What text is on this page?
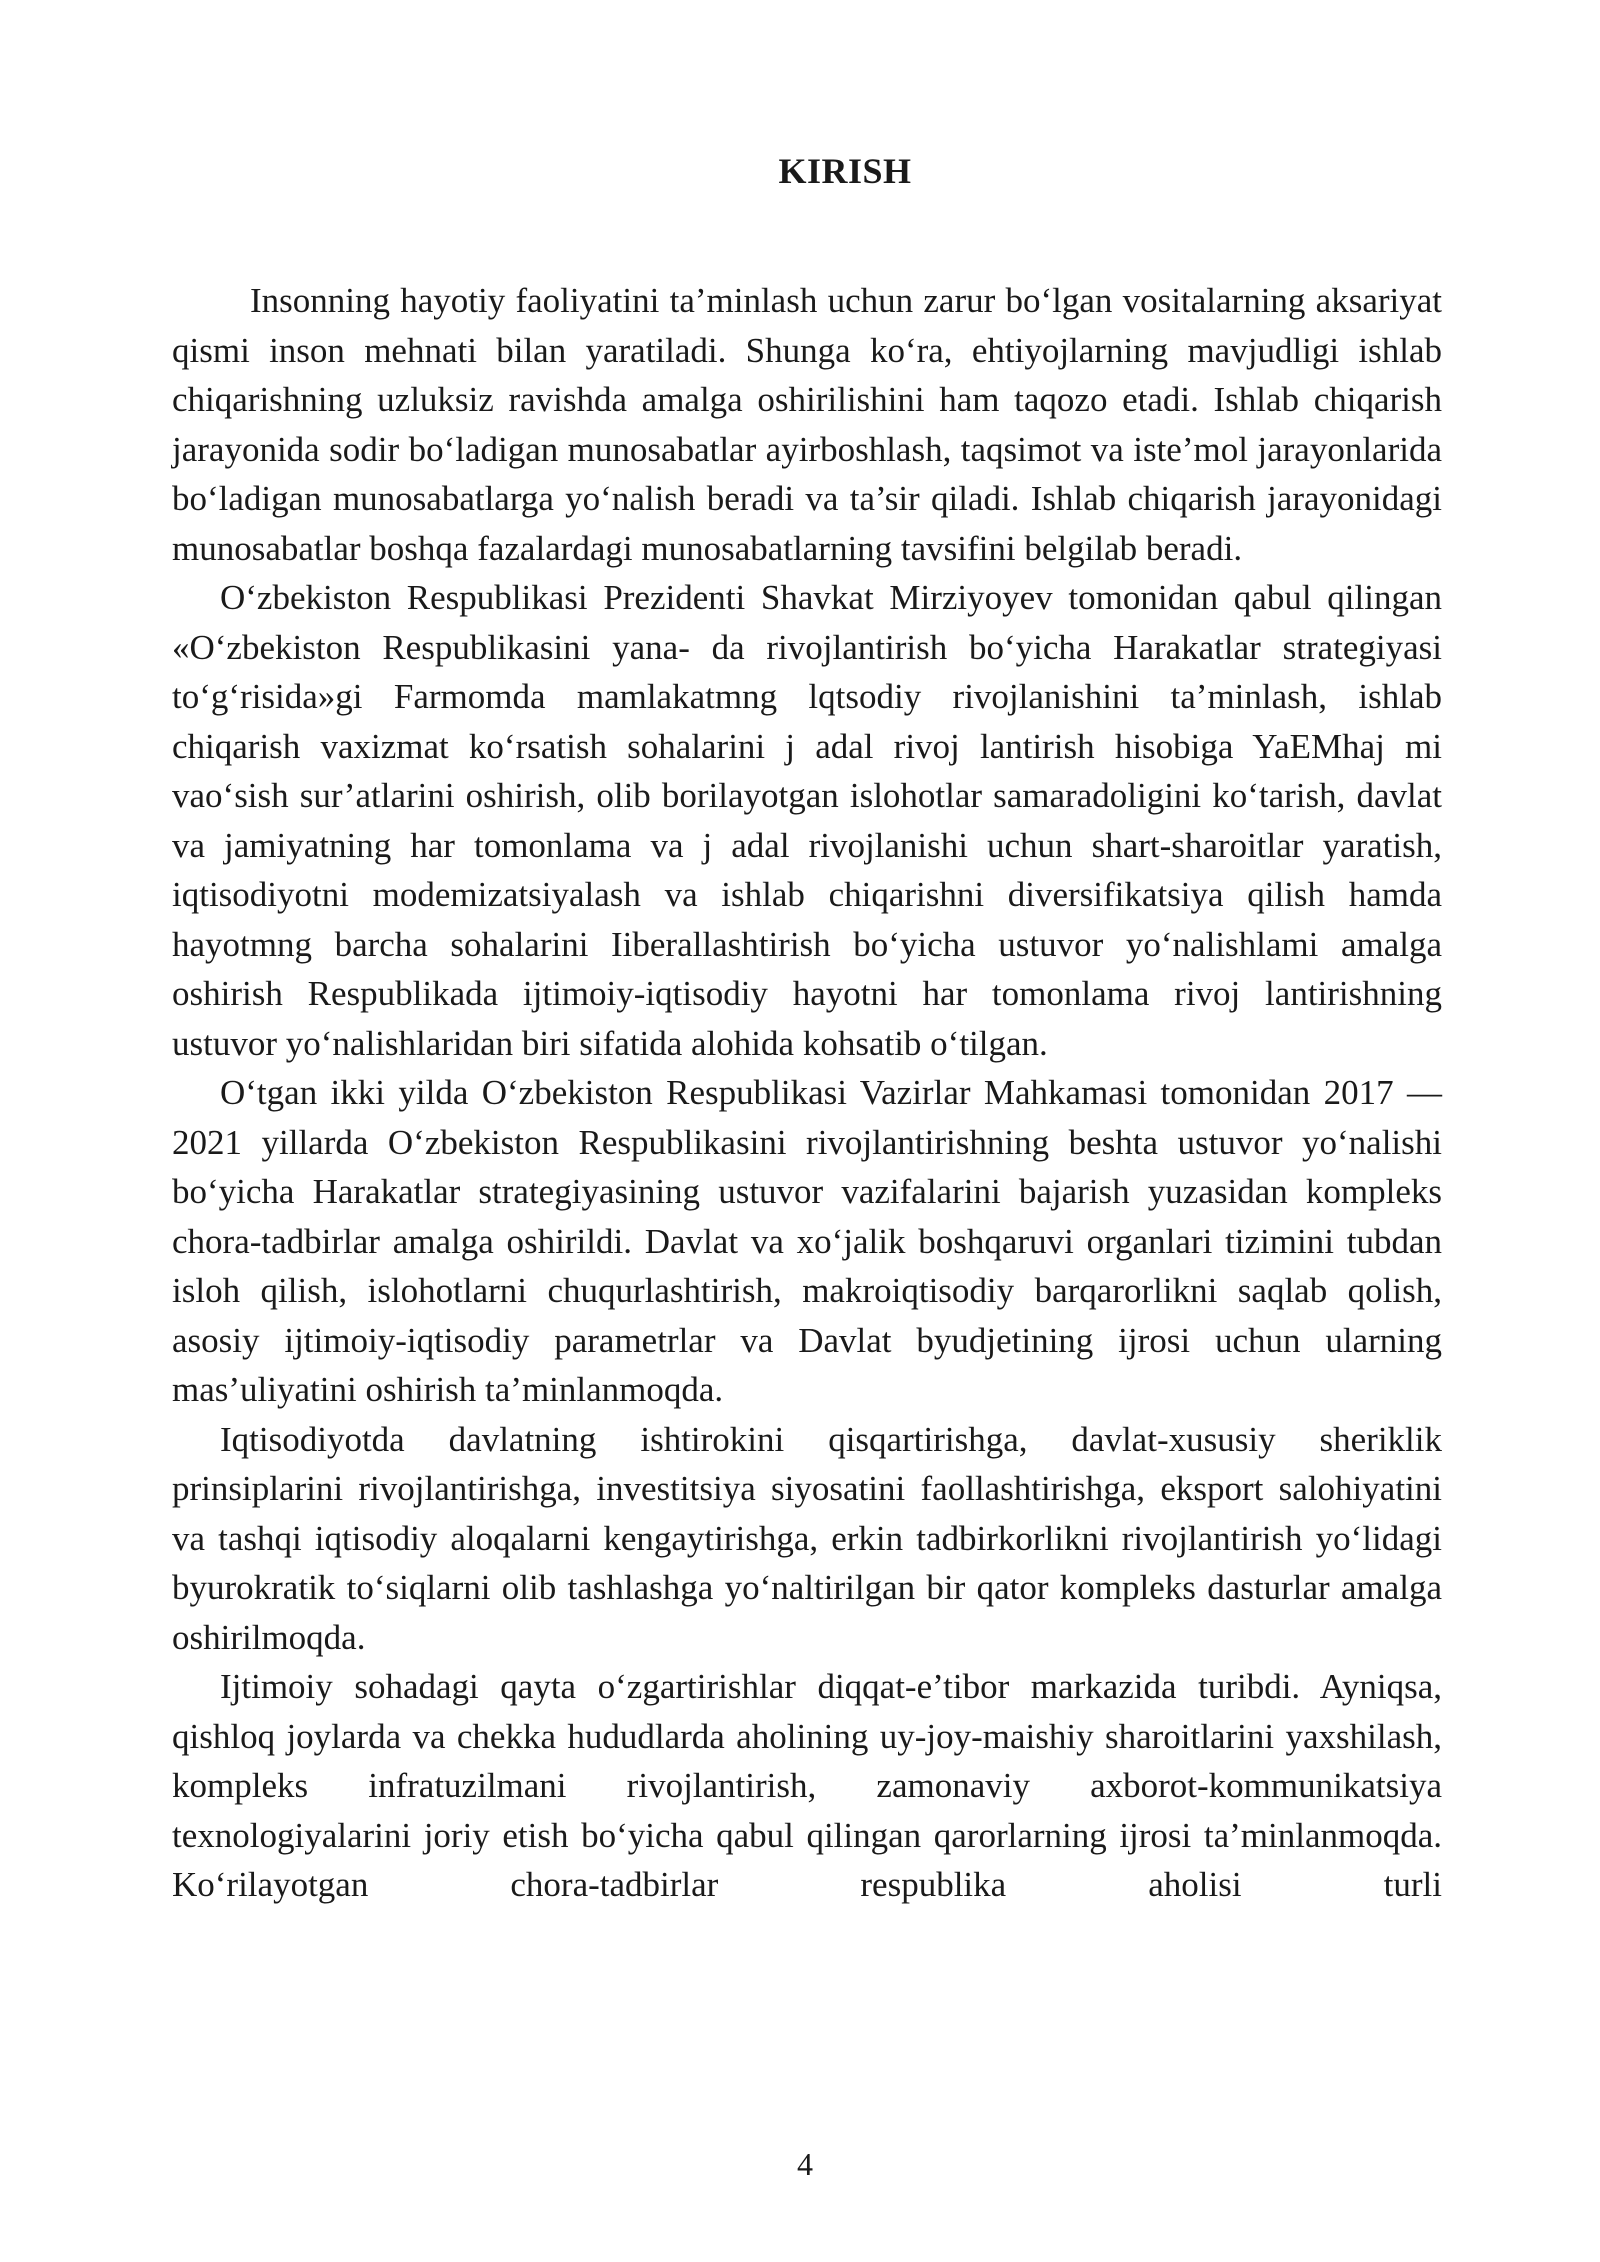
KIRISH

Insonning hayotiy faoliyatini ta’minlash uchun zarur bo‘lgan vositalarning aksariyat qismi inson mehnati bilan yaratiladi. Shunga ko‘ra, ehtiyojlarning mavjudligi ishlab chiqarishning uzluksiz ravishda amalga oshirilishini ham taqozo etadi. Ishlab chiqarish jarayonida sodir bo‘ladigan munosabatlar ayirboshlash, taqsimot va iste’mol jarayonlarida bo‘ladigan munosabatlarga yo‘nalish beradi va ta’sir qiladi. Ishlab chiqarish jarayonidagi munosabatlar boshqa fazalardagi munosabatlarning tavsifini belgilab beradi.

O‘zbekiston Respublikasi Prezidenti Shavkat Mirziyoyev tomonidan qabul qilingan «O‘zbekiston Respublikasini yana- da rivojlantirish bo‘yicha Harakatlar strategiyasi to‘g‘risida»gi Farmomda mamlakatmng lqtsodiy rivojlanishini ta’minlash, ishlab chiqarish vaxizmat ko‘rsatish sohalarini j adal rivoj lantirish hisobiga YaEMhaj mi vao‘sish sur’atlarini oshirish, olib borilayotgan islohotlar samaradoligini ko‘tarish, davlat va jamiyatning har tomonlama va j adal rivojlanishi uchun shart-sharoitlar yaratish, iqtisodiyotni modemizatsiyalash va ishlab chiqarishni diversifikatsiya qilish hamda hayotmng barcha sohalarini Iiberallashtirish bo‘yicha ustuvor yo‘nalishlami amalga oshirish Respublikada ijtimoiy-iqtisodiy hayotni har tomonlama rivoj lantirishning ustuvor yo‘nalishlaridan biri sifatida alohida kohsatib o‘tilgan.

O‘tgan ikki yilda O‘zbekiston Respublikasi Vazirlar Mahkamasi tomonidan 2017 — 2021 yillarda O‘zbekiston Respublikasini rivojlantirishning beshta ustuvor yo‘nalishi bo‘yicha Harakatlar strategiyasining ustuvor vazifalarini bajarish yuzasidan kompleks chora-tadbirlar amalga oshirildi. Davlat va xo‘jalik boshqaruvi organlari tizimini tubdan isloh qilish, islohotlarni chuqurlashtirish, makroiqtisodiy barqarorlikni saqlab qolish, asosiy ijtimoiy-iqtisodiy parametrlar va Davlat byudjetining ijrosi uchun ularning mas’uliyatini oshirish ta’minlanmoqda.

Iqtisodiyotda davlatning ishtirokini qisqartirishga, davlat-xususiy sheriklik prinsiplarini rivojlantirishga, investitsiya siyosatini faollashtirishga, eksport salohiyatini va tashqi iqtisodiy aloqalarni kengaytirishga, erkin tadbirkorlikni rivojlantirish yo‘lidagi byurokratik to‘siqlarni olib tashlashga yo‘naltirilgan bir qator kompleks dasturlar amalga oshirilmoqda.

Ijtimoiy sohadagi qayta o‘zgartirishlar diqqat-e’tibor markazida turibdi. Ayniqsa, qishloq joylarda va chekka hududlarda aholining uy-joy-maishiy sharoitlarini yaxshilash, kompleks infratuzilmani rivojlantirish, zamonaviy axborot-kommunikatsiya texnologiyalarini joriy etish bo‘yicha qabul qilingan qarorlarning ijrosi ta’minlanmoqda. Ko‘rilayotgan chora-tadbirlar respublika aholisi turli

4
